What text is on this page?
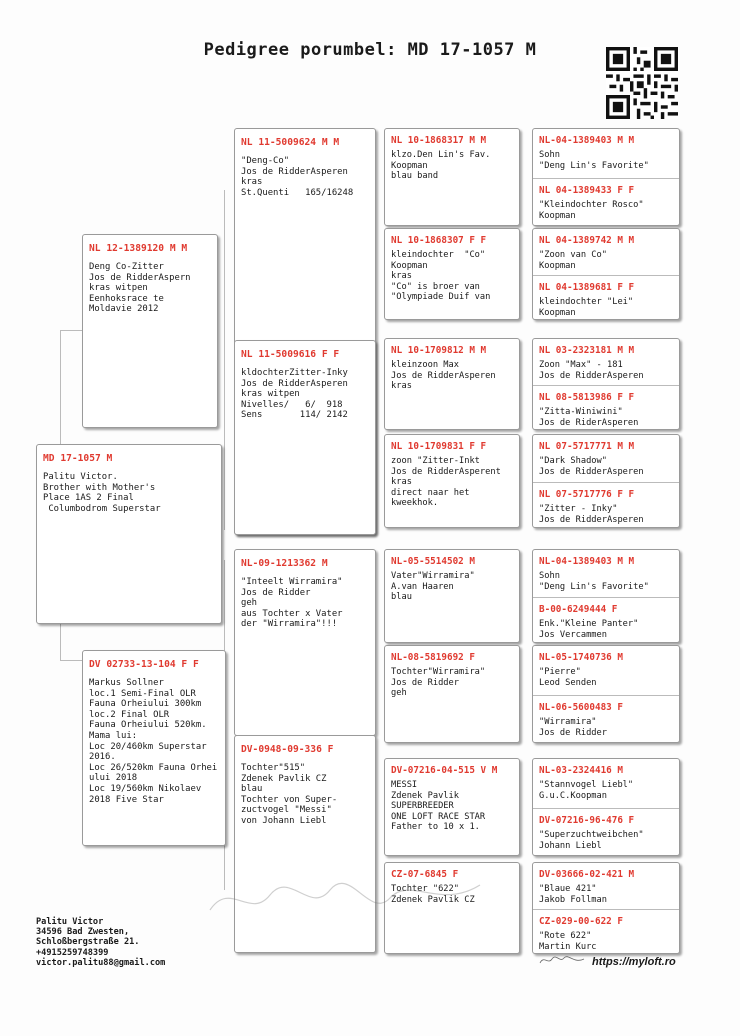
Pedigree porumbel: MD 17-1057 M
MD 17-1057 M
Palitu Victor.
Brother with Mother's
Place 1AS 2 Final
Columbodrom Superstar
NL 12-1389120 M M
Deng Co-Zitter
Jos de RidderAspern
kras witpen
Eenhoksrace te
Moldavie 2012
DV 02733-13-104 F F
Markus Sollner
loc.1 Semi-Final OLR
Fauna Orheiului 300km
loc.2 Final OLR
Fauna Orheiului 520km.
Mama lui:
Loc 20/460km Superstar
2016.
Loc 26/520km Fauna Orhei
ului 2018
Loc 19/560km Nikolaev
2018 Five Star
NL 11-5009624 M M
"Deng-Co"
Jos de RidderAsperen
kras
St.Quenti   165/16248
NL 11-5009616 F F
kldochterZitter-Inky
Jos de RidderAsperen
kras witpen
Nivelles/   6/  918
Sens       114/ 2142
NL-09-1213362 M
"Inteelt Wirramira"
Jos de Ridder
geh
aus Tochter x Vater
der "Wirramira"!!!
DV-0948-09-336 F
Tochter"515"
Zdenek Pavlik CZ
blau
Tochter von Super-
zuctvogel "Messi"
von Johann Liebl
NL 10-1868317 M M
klzo.Den Lin's Fav.
Koopman
blau band
NL 10-1868307 F F
kleindochter  "Co"
Koopman
kras
"Co" is broer van
"Olympiade Duif van
NL 10-1709812 M M
kleinzoon Max
Jos de RidderAsperen
kras
NL 10-1709831 F F
zoon "Zitter-Inkt
Jos de RidderAsperent
kras
direct naar het
kweekhok.
NL-05-5514502 M
Vater"Wirramira"
A.van Haaren
blau
NL-08-5819692 F
Tochter"Wirramira"
Jos de Ridder
geh
DV-07216-04-515 V M
MESSI
Zdenek Pavlik
SUPERBREEDER
ONE LOFT RACE STAR
Father to 10 x 1.
CZ-07-6845 F
Tochter "622"
Zdenek Pavlik CZ
NL-04-1389403 M M
Sohn
"Deng Lin's Favorite"
NL 04-1389433 F F
"Kleindochter Rosco"
Koopman
NL 04-1389742 M M
"Zoon van Co"
Koopman
NL 04-1389681 F F
kleindochter "Lei"
Koopman
NL 03-2323181 M M
Zoon "Max" - 181
Jos de RidderAsperen
NL 08-5813986 F F
"Zitta-Winiwini"
Jos de RiderAsperen
NL 07-5717771 M M
"Dark Shadow"
Jos de RidderAsperen
NL 07-5717776 F F
"Zitter - Inky"
Jos de RidderAsperen
NL-04-1389403 M M
Sohn
"Deng Lin's Favorite"
B-00-6249444 F
Enk."Kleine Panter"
Jos Vercammen
NL-05-1740736 M
"Pierre"
Leod Senden
NL-06-5600483 F
"Wirramira"
Jos de Ridder
NL-03-2324416 M
"Stannvogel Liebl"
G.u.C.Koopman
DV-07216-96-476 F
"Superzuchtweibchen"
Johann Liebl
DV-03666-02-421 M
"Blaue 421"
Jakob Follman
CZ-029-00-622 F
"Rote 622"
Martin Kurc
Palitu Victor
34596 Bad Zwesten,
Schloßbergstraße 21.
+4915259748399
victor.palitu88@gmail.com	https://myloft.ro
